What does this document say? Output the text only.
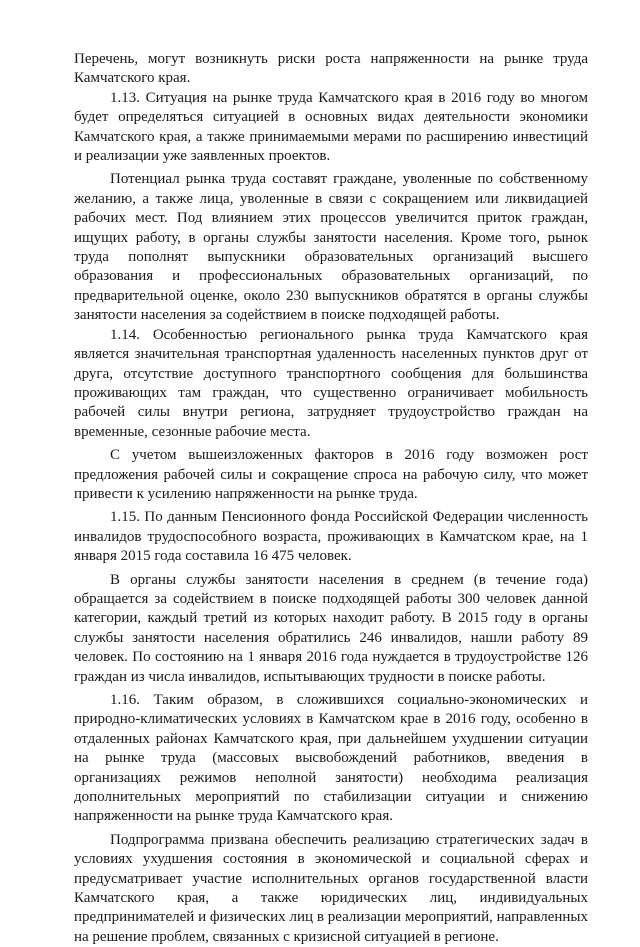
Перечень, могут возникнуть риски роста напряженности на рынке труда Камчатского края.

1.13. Ситуация на рынке труда Камчатского края в 2016 году во многом будет определяться ситуацией в основных видах деятельности экономики Камчатского края, а также принимаемыми мерами по расширению инвестиций и реализации уже заявленных проектов.

Потенциал рынка труда составят граждане, уволенные по собственному желанию, а также лица, уволенные в связи с сокращением или ликвидацией рабочих мест. Под влиянием этих процессов увеличится приток граждан, ищущих работу, в органы службы занятости населения. Кроме того, рынок труда пополнят выпускники образовательных организаций высшего образования и профессиональных образовательных организаций, по предварительной оценке, около 230 выпускников обратятся в органы службы занятости населения за содействием в поиске подходящей работы.

1.14. Особенностью регионального рынка труда Камчатского края является значительная транспортная удаленность населенных пунктов друг от друга, отсутствие доступного транспортного сообщения для большинства проживающих там граждан, что существенно ограничивает мобильность рабочей силы внутри региона, затрудняет трудоустройство граждан на временные, сезонные рабочие места.

С учетом вышеизложенных факторов в 2016 году возможен рост предложения рабочей силы и сокращение спроса на рабочую силу, что может привести к усилению напряженности на рынке труда.

1.15. По данным Пенсионного фонда Российской Федерации численность инвалидов трудоспособного возраста, проживающих в Камчатском крае, на 1 января 2015 года составила 16 475 человек.

В органы службы занятости населения в среднем (в течение года) обращается за содействием в поиске подходящей работы 300 человек данной категории, каждый третий из которых находит работу. В 2015 году в органы службы занятости населения обратились 246 инвалидов, нашли работу 89 человек. По состоянию на 1 января 2016 года нуждается в трудоустройстве 126 граждан из числа инвалидов, испытывающих трудности в поиске работы.

1.16. Таким образом, в сложившихся социально-экономических и природно-климатических условиях в Камчатском крае в 2016 году, особенно в отдаленных районах Камчатского края, при дальнейшем ухудшении ситуации на рынке труда (массовых высвобождений работников, введения в организациях режимов неполной занятости) необходима реализация дополнительных мероприятий по стабилизации ситуации и снижению напряженности на рынке труда Камчатского края.

Подпрограмма призвана обеспечить реализацию стратегических задач в условиях ухудшения состояния в экономической и социальной сферах и предусматривает участие исполнительных органов государственной власти Камчатского края, а также юридических лиц, индивидуальных предпринимателей и физических лиц в реализации мероприятий, направленных на решение проблем, связанных с кризисной ситуацией в регионе.
